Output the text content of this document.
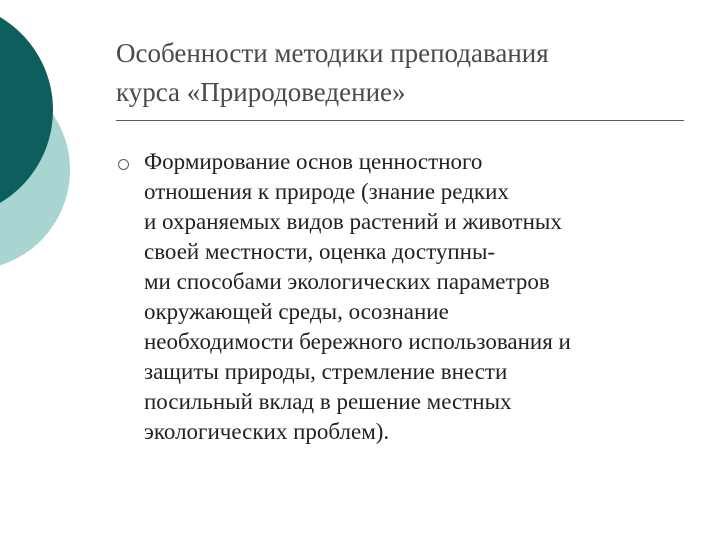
Особенности методики преподавания
курса «Природоведение»
Формирование основ ценностного
отношения к природе (знание редких
и охраняемых видов растений и животных
своей местности, оценка доступны-
ми способами экологических параметров
окружающей среды, осознание
необходимости бережного использования и
защиты природы, стремление внести
посильный вклад в решение местных
экологических проблем).
